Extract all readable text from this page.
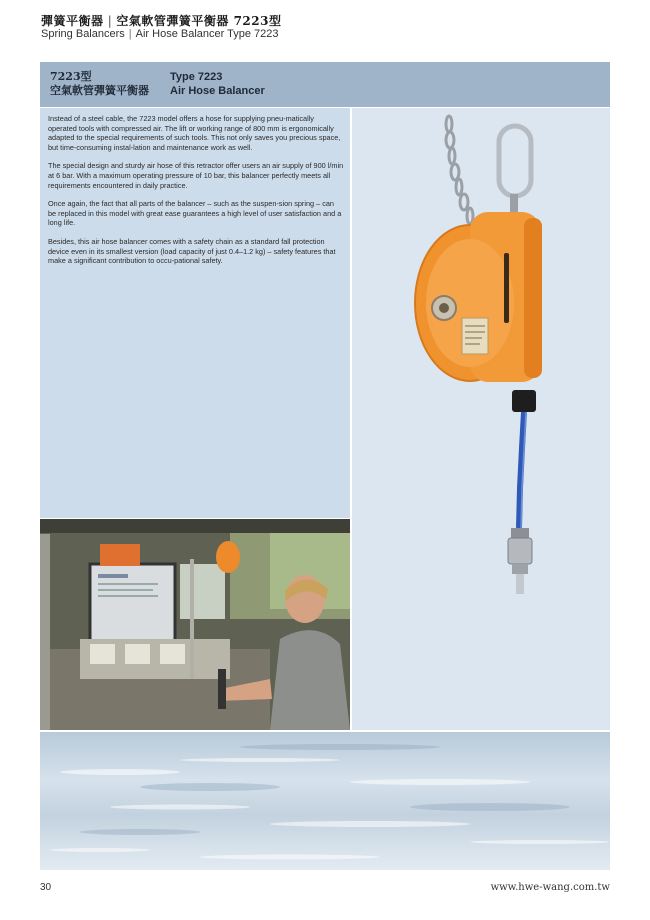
彈簧平衡器 | 空氣軟管彈簧平衡器 7223型
Spring Balancers | Air Hose Balancer Type 7223
7223型
空氣軟管彈簧平衡器
Type 7223
Air Hose Balancer

Instead of a steel cable, the 7223 model offers a hose for supplying pneu-matically operated tools with compressed air. The lift or working range of 800 mm is ergonomically adapted to the special requirements of such tools. This not only saves you precious space, but time-consuming instal-lation and maintenance work as well.

The special design and sturdy air hose of this retractor offer users an air supply of 900 l/min at 6 bar. With a maximum operating pressure of 10 bar, this balancer perfectly meets all requirements encountered in daily practice.

Once again, the fact that all parts of the balancer – such as the suspen-sion spring – can be replaced in this model with great ease guarantees a high level of user satisfaction and a long life.

Besides, this air hose balancer comes with a safety chain as a standard fall protection device even in its smallest version (load capacity of just 0.4–1.2 kg) – safety features that make a significant contribution to occu-pational safety.

30	www.hwe-wang.com.tw
